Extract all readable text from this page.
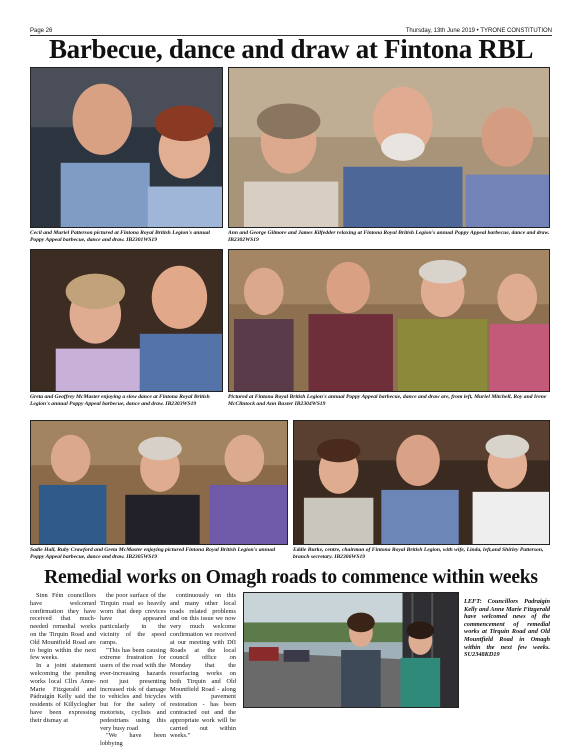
Page 26	Thursday, 13th June 2019 • TYRONE CONSTITUTION
Barbecue, dance and draw at Fintona RBL
Cecil and Muriel Patterson pictured at Fintona Royal British Legion's annual Poppy Appeal barbecue, dance and draw. IB2301WS19
Ann and George Gilmore and James Kilfedder relaxing at Fintona Royal British Legion's annual Poppy Appeal barbecue, dance and draw. IB2302WS19
Greta and Geoffrey McMaster enjoying a slow dance at Fintona Royal British Legion's annual Poppy Appeal barbecue, dance and draw. IB2303WS19
Pictured at Fintona Royal British Legion's annual Poppy Appeal barbecue, dance and draw are, from left, Muriel Mitchell, Roy and Irene McClintock and Ann Baxter IB2304WS19
Sadie Hall, Ruby Crawford and Greta McMaster enjoying pictured Fintona Royal British Legion's annual Poppy Appeal barbecue, dance and draw. IB2305WS19
Eddie Burke, centre, chairman of Fintona Royal British Legion, with wife, Linda, left,and Shirley Patterson, branch secretary. IB2306WS19
Remedial works on Omagh roads to commence within weeks

Sinn Féin councillors have welcomed confirmation they have received that much-needed remedial works on the Tirquin Road and Old Mountfield Road are to begin within the next few weeks.

In a joint statement welcoming the pending works local Cllrs Anne-Marie Fitzgerald and Pádraigín Kelly said the residents of Killyclogher have been expressing their dismay at

the poor surface of the Tirquin road so heavily worn that deep crevices have appeared particularly in the vicinity of the speed ramps.

"This has been causing extreme frustration for users of the road with the ever-increasing hazards not just presenting increased risk of damage to vehicles and bicycles but for the safety of motorists, cyclists and pedestrians using this very busy road

"We have been lobbying

continuously on this and many other local roads related problems and on this issue we now very much welcome confirmation we received at our meeting with DfI Roads at the local council office on Monday that the resurfacing works on both Tirquin and Old Mountfield Road - along with pavement restoration - has been contracted out and the appropriate work will be carried out within weeks."

LEFT: Councillors Padraigín Kelly and Anne Marie Fitzgerald have welcomed news of the commencement of remedial works at Tirquin Road and Old Mountfield Road in Omagh within the next few weeks. SU2348KD19
